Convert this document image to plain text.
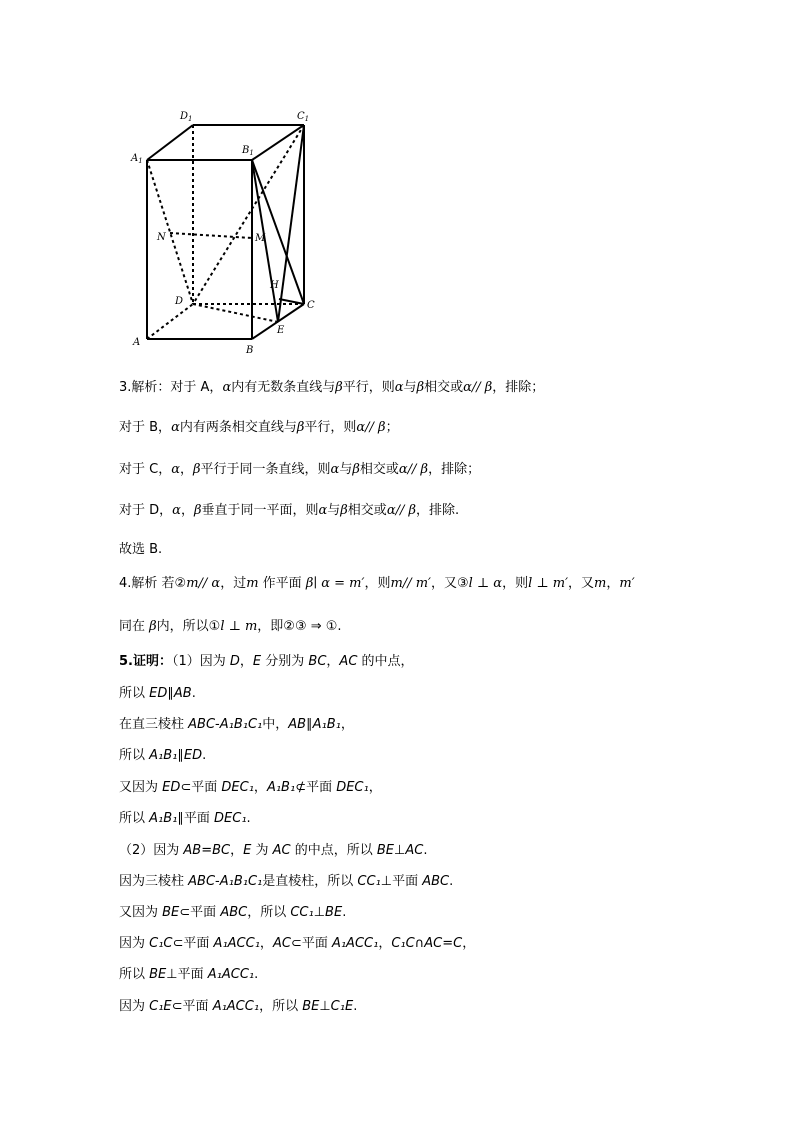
$D_1$	$C_1$
$A_1$
$B_1$
N	M
H
C
D
E
A
B
3.解析：对于 A，α内有无数条直线与β平行，则α与β相交或α// β，排除；
对于 B，α内有两条相交直线与β平行，则α// β；
对于 C，α，β平行于同一条直线，则α与β相交或α// β，排除；
对于 D，α，β垂直于同一平面，则α与β相交或α// β，排除.
故选 B.
4.解析 若②m// α，过m 作平面 β∣ α = m′，则m// m′，又③l ⊥ α，则l ⊥ m′，又m，m′
同在 β内，所以①l ⊥ m，即②③ ⇒ ①.
5.证明：（1）因为 D，E 分别为 BC，AC 的中点，
所以 ED∥AB.
在直三棱柱 ABC-A₁B₁C₁中，AB∥A₁B₁，
所以 A₁B₁∥ED.
又因为 ED⊂平面 DEC₁，A₁B₁⊄平面 DEC₁，
所以 A₁B₁∥平面 DEC₁.
（2）因为 AB=BC，E 为 AC 的中点，所以 BE⊥AC.
因为三棱柱 ABC-A₁B₁C₁是直棱柱，所以 CC₁⊥平面 ABC.
又因为 BE⊂平面 ABC，所以 CC₁⊥BE.
因为 C₁C⊂平面 A₁ACC₁，AC⊂平面 A₁ACC₁，C₁C∩AC=C，
所以 BE⊥平面 A₁ACC₁.
因为 C₁E⊂平面 A₁ACC₁，所以 BE⊥C₁E.
